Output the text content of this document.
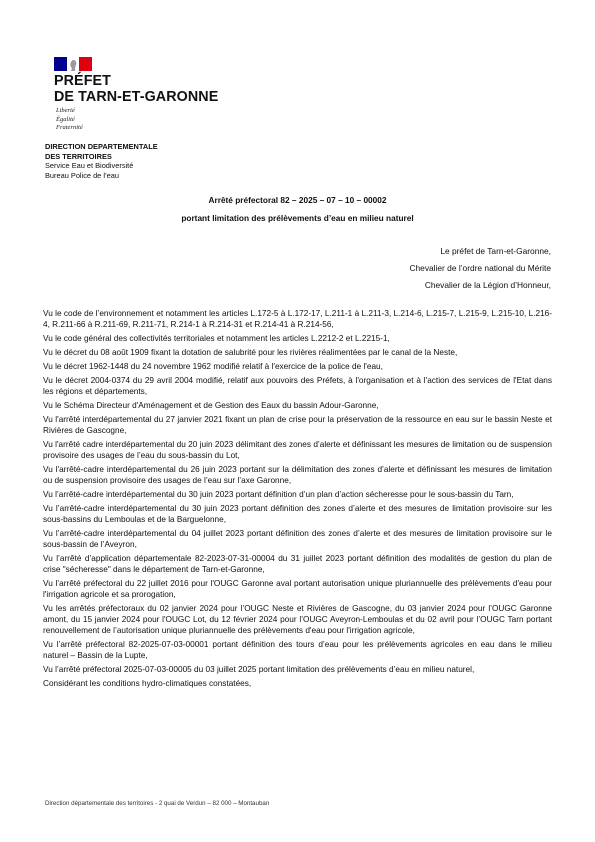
PRÉFET
DE TARN-ET-GARONNE
Liberté
Égalité
Fraternité
DIRECTION DEPARTEMENTALE
DES TERRITOIRES
Service Eau et Biodiversité
Bureau Police de l’eau
Arrêté préfectoral 82 – 2025 – 07 – 10 – 00002
portant limitation des prélèvements d’eau en milieu naturel
Le préfet de Tarn-et-Garonne,
Chevalier de l’ordre national du Mérite
Chevalier de la Légion d’Honneur,

Vu le code de l’environnement et notamment les articles L.172-5 à L.172-17, L.211-1 à L.211-3, L.214-6, L.215-7, L.215-9, L.215-10, L.216-4, R.211-66 à R.211-69, R.211-71, R.214-1 à R.214-31 et R.214-41 à R.214-56,

Vu le code général des collectivités territoriales et notamment les articles L.2212-2 et L.2215-1,

Vu le décret du 08 août 1909 fixant la dotation de salubrité pour les rivières réalimentées par le canal de la Neste,

Vu le décret 1962-1448 du 24 novembre 1962 modifié relatif à l'exercice de la police de l'eau,

Vu le décret 2004-0374 du 29 avril 2004 modifié, relatif aux pouvoirs des Préfets, à l'organisation et à l'action des services de l'Etat dans les régions et départements,

Vu le Schéma Directeur d'Aménagement et de Gestion des Eaux du bassin Adour-Garonne,

Vu l'arrêté interdépartemental du 27 janvier 2021 fixant un plan de crise pour la préservation de la ressource en eau sur le bassin Neste et Rivières de Gascogne,

Vu l'arrêté cadre interdépartemental du 20 juin 2023 délimitant des zones d’alerte et définissant les mesures de limitation ou de suspension provisoire des usages de l’eau du sous-bassin du Lot,

Vu l'arrêté-cadre interdépartemental du 26 juin 2023 portant sur la délimitation des zones d’alerte et définissant les mesures de limitation ou de suspension provisoire des usages de l’eau sur l’axe Garonne,

Vu l’arrêté-cadre interdépartemental du 30 juin 2023 portant définition d’un plan d’action sécheresse pour le sous-bassin du Tarn,

Vu l’arrêté-cadre interdépartemental du 30 juin 2023 portant définition des zones d’alerte et des mesures de limitation provisoire sur les sous-bassins du Lemboulas et de la Barguelonne,

Vu l’arrêté-cadre interdépartemental du 04 juillet 2023 portant définition des zones d’alerte et des mesures de limitation provisoire sur le sous-bassin de l’Aveyron,

Vu l’arrêté d’application départementale 82-2023-07-31-00004 du 31 juillet 2023 portant définition des modalités de gestion du plan de crise "sécheresse" dans le département de Tarn-et-Garonne,

Vu l’arrêté préfectoral du 22 juillet 2016 pour l'OUGC Garonne aval portant autorisation unique pluriannuelle des prélèvements d'eau pour l'irrigation agricole et sa prorogation,

Vu les arrêtés préfectoraux du 02 janvier 2024 pour l’OUGC Neste et Rivières de Gascogne, du 03 janvier 2024 pour l’OUGC Garonne amont, du 15 janvier 2024 pour l'OUGC Lot, du 12 février 2024 pour l’OUGC Aveyron-Lemboulas et du 02 avril pour l’OUGC Tarn portant renouvellement de l’autorisation unique pluriannuelle des prélèvements d'eau pour l'irrigation agricole,

Vu l’arrêté préfectoral 82-2025-07-03-00001 portant définition des tours d’eau pour les prélèvements agricoles en eau dans le milieu naturel – Bassin de la Lupte,

Vu l’arrêté préfectoral 2025-07-03-00005 du 03 juillet 2025 portant limitation des prélèvements d’eau en milieu naturel,

Considérant les conditions hydro-climatiques constatées,

Direction départementale des territoires - 2 quai de Verdun – 82 000 – Montauban
